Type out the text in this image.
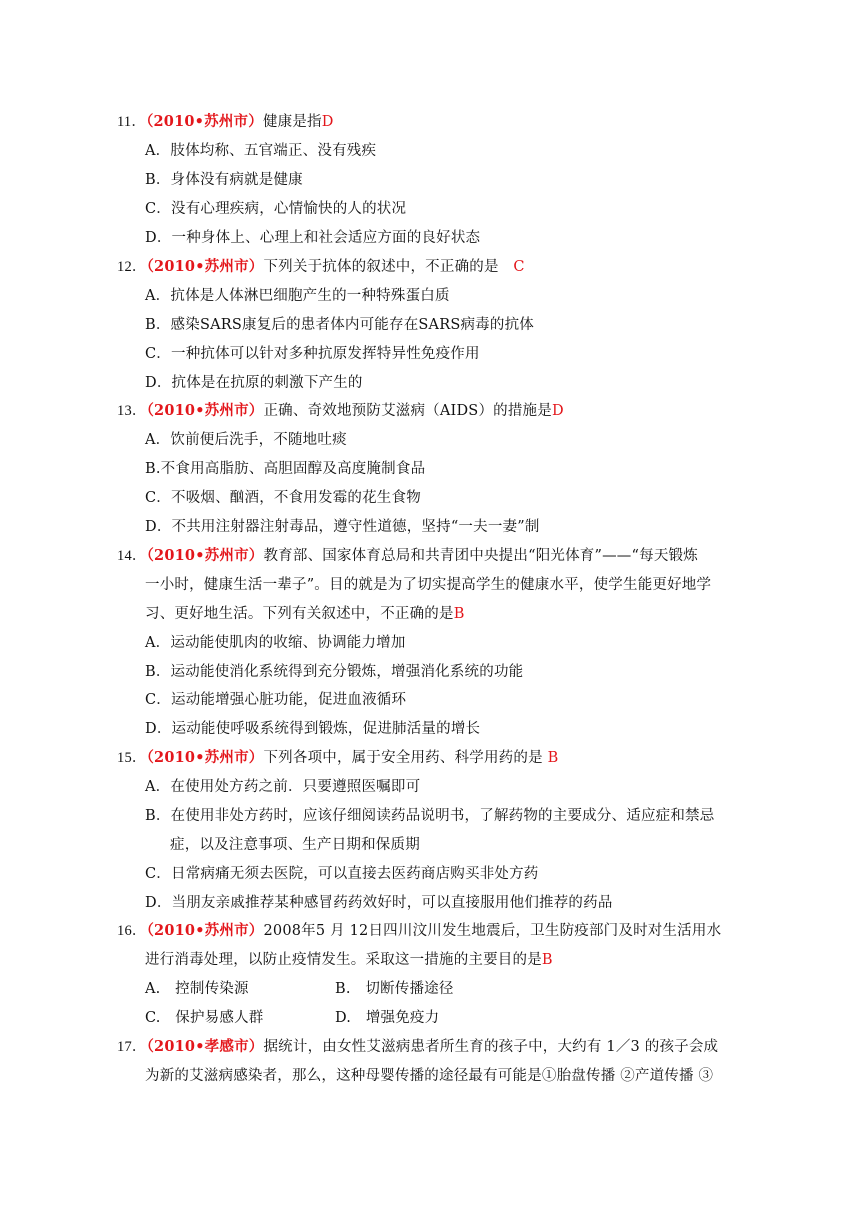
11．（2010•苏州市）健康是指D
A．肢体均称、五官端正、没有残疾
B．身体没有病就是健康
C．没有心理疾病，心情愉快的人的状况
D．一种身体上、心理上和社会适应方面的良好状态
12．（2010•苏州市）下列关于抗体的叙述中，不正确的是　C
A．抗体是人体淋巴细胞产生的一种特殊蛋白质
B．感染SARS康复后的患者体内可能存在SARS病毒的抗体
C．一种抗体可以针对多种抗原发挥特异性免疫作用
D．抗体是在抗原的刺激下产生的
13．（2010•苏州市）正确、奇效地预防艾滋病（AIDS）的措施是D
A．饮前便后洗手，不随地吐痰
B.不食用高脂肪、高胆固醇及高度腌制食品
C．不吸烟、酗酒，不食用发霉的花生食物
D．不共用注射器注射毒品，遵守性道德，坚持“一夫一妻”制
14．（2010•苏州市）教育部、国家体育总局和共青团中央提出“阳光体育”——“每天锻炼
一小时，健康生活一辈子”。目的就是为了切实提高学生的健康水平，使学生能更好地学
习、更好地生活。下列有关叙述中，不正确的是B
A．运动能使肌肉的收缩、协调能力增加
B．运动能使消化系统得到充分锻炼，增强消化系统的功能
C．运动能增强心脏功能，促进血液循环
D．运动能使呼吸系统得到锻炼，促进肺活量的增长
15．（2010•苏州市）下列各项中，属于安全用药、科学用药的是 B
A．在使用处方药之前．只要遵照医嘱即可
B．在使用非处方药时，应该仔细阅读药品说明书，了解药物的主要成分、适应症和禁忌
症，以及注意事项、生产日期和保质期
C．日常病痛无须去医院，可以直接去医药商店购买非处方药
D．当朋友亲戚推荐某种感冒药药效好时，可以直接服用他们推荐的药品
16．（2010•苏州市）2008年5 月 12日四川汶川发生地震后，卫生防疫部门及时对生活用水
进行消毒处理，以防止疫情发生。采取这一措施的主要目的是B
A.　控制传染源	B.　切断传播途径
C.　保护易感人群	D.　增强免疫力
17．（2010•孝感市）据统计，由女性艾滋病患者所生育的孩子中，大约有 1／3 的孩子会成
为新的艾滋病感染者，那么，这种母婴传播的途径最有可能是①胎盘传播 ②产道传播 ③
